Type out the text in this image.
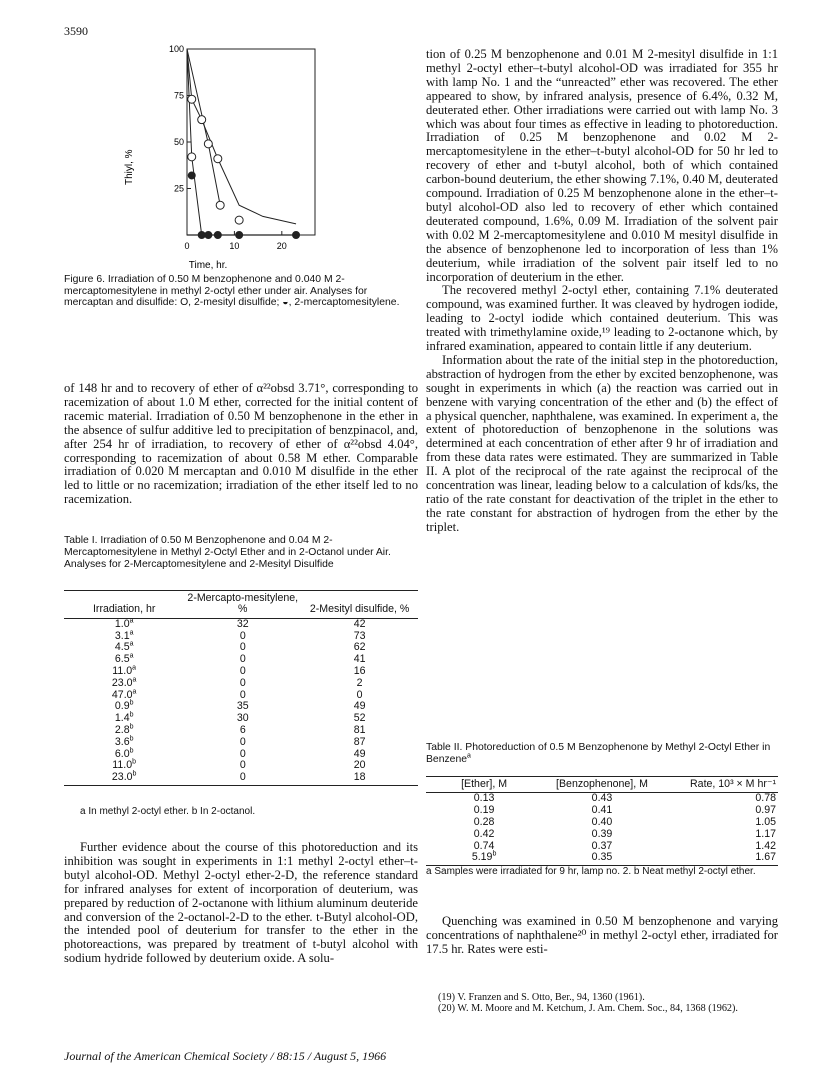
3590
100
75
50
25
0	10	20
Thiyl, %
Time, hr.
Figure 6. Irradiation of 0.50 M benzophenone and 0.040 M 2-mercaptomesitylene in methyl 2-octyl ether under air. Analyses for mercaptan and disulfide: O, 2-mesityl disulfide; ◒, 2-mercaptomesitylene.

of 148 hr and to recovery of ether of α²²obsd 3.71°, corresponding to racemization of about 1.0 M ether, corrected for the initial content of racemic material. Irradiation of 0.50 M benzophenone in the ether in the absence of sulfur additive led to precipitation of benzpinacol, and, after 254 hr of irradiation, to recovery of ether of α²²obsd 4.04°, corresponding to racemization of about 0.58 M ether. Comparable irradiation of 0.020 M mercaptan and 0.010 M disulfide in the ether led to little or no racemization; irradiation of the ether itself led to no racemization.

Table I. Irradiation of 0.50 M Benzophenone and 0.04 M 2-Mercaptomesitylene in Methyl 2-Octyl Ether and in 2-Octanol under Air. Analyses for 2-Mercaptomesitylene and 2-Mesityl Disulfide
Irradiation, hr	2-Mercapto-mesitylene, %	2-Mesityl disulfide, %
1.0$^a$	32	42
3.1$^a$	0	73
4.5$^a$	0	62
6.5$^a$	0	41
11.0$^a$	0	16
23.0$^a$	0	2
47.0$^a$	0	0
0.9$^b$	35	49
1.4$^b$	30	52
2.8$^b$	6	81
3.6$^b$	0	87
6.0$^b$	0	49
11.0$^b$	0	20
23.0$^b$	0	18
a In methyl 2-octyl ether. b In 2-octanol.

Further evidence about the course of this photoreduction and its inhibition was sought in experiments in 1:1 methyl 2-octyl ether–t-butyl alcohol-OD. Methyl 2-octyl ether-2-D, the reference standard for infrared analyses for extent of incorporation of deuterium, was prepared by reduction of 2-octanone with lithium aluminum deuteride and conversion of the 2-octanol-2-D to the ether. t-Butyl alcohol-OD, the intended pool of deuterium for transfer to the ether in the photoreactions, was prepared by treatment of t-butyl alcohol with sodium hydride followed by deuterium oxide. A solu-

tion of 0.25 M benzophenone and 0.01 M 2-mesityl disulfide in 1:1 methyl 2-octyl ether–t-butyl alcohol-OD was irradiated for 355 hr with lamp No. 1 and the “unreacted” ether was recovered. The ether appeared to show, by infrared analysis, presence of 6.4%, 0.32 M, deuterated ether. Other irradiations were carried out with lamp No. 3 which was about four times as effective in leading to photoreduction. Irradiation of 0.25 M benzophenone and 0.02 M 2-mercaptomesitylene in the ether–t-butyl alcohol-OD for 50 hr led to recovery of ether and t-butyl alcohol, both of which contained carbon-bound deuterium, the ether showing 7.1%, 0.40 M, deuterated compound. Irradiation of 0.25 M benzophenone alone in the ether–t-butyl alcohol-OD also led to recovery of ether which contained deuterated compound, 1.6%, 0.09 M. Irradiation of the solvent pair with 0.02 M 2-mercaptomesitylene and 0.010 M mesityl disulfide in the absence of benzophenone led to incorporation of less than 1% deuterium, while irradiation of the solvent pair itself led to no incorporation of deuterium in the ether.

The recovered methyl 2-octyl ether, containing 7.1% deuterated compound, was examined further. It was cleaved by hydrogen iodide, leading to 2-octyl iodide which contained deuterium. This was treated with trimethylamine oxide,¹⁹ leading to 2-octanone which, by infrared examination, appeared to contain little if any deuterium.

Information about the rate of the initial step in the photoreduction, abstraction of hydrogen from the ether by excited benzophenone, was sought in experiments in which (a) the reaction was carried out in benzene with varying concentration of the ether and (b) the effect of a physical quencher, naphthalene, was examined. In experiment a, the extent of photoreduction of benzophenone in the solutions was determined at each concentration of ether after 9 hr of irradiation and from these data rates were estimated. They are summarized in Table II. A plot of the reciprocal of the rate against the reciprocal of the concentration was linear, leading below to a calculation of kds/ks, the ratio of the rate constant for deactivation of the triplet in the ether to the rate constant for abstraction of hydrogen from the ether by the triplet.

Table II. Photoreduction of 0.5 M Benzophenone by Methyl 2-Octyl Ether in Benzene$^a$
[Ether], M	[Benzophenone], M	Rate, 10³ × M hr⁻¹
0.13	0.43	0.78
0.19	0.41	0.97
0.28	0.40	1.05
0.42	0.39	1.17
0.74	0.37	1.42
5.19$^b$	0.35	1.67
a Samples were irradiated for 9 hr, lamp no. 2. b Neat methyl 2-octyl ether.

Quenching was examined in 0.50 M benzophenone and varying concentrations of naphthalene²⁰ in methyl 2-octyl ether, irradiated for 17.5 hr. Rates were esti-

(19) V. Franzen and S. Otto, Ber., 94, 1360 (1961).

(20) W. M. Moore and M. Ketchum, J. Am. Chem. Soc., 84, 1368 (1962).

Journal of the American Chemical Society / 88:15 / August 5, 1966
